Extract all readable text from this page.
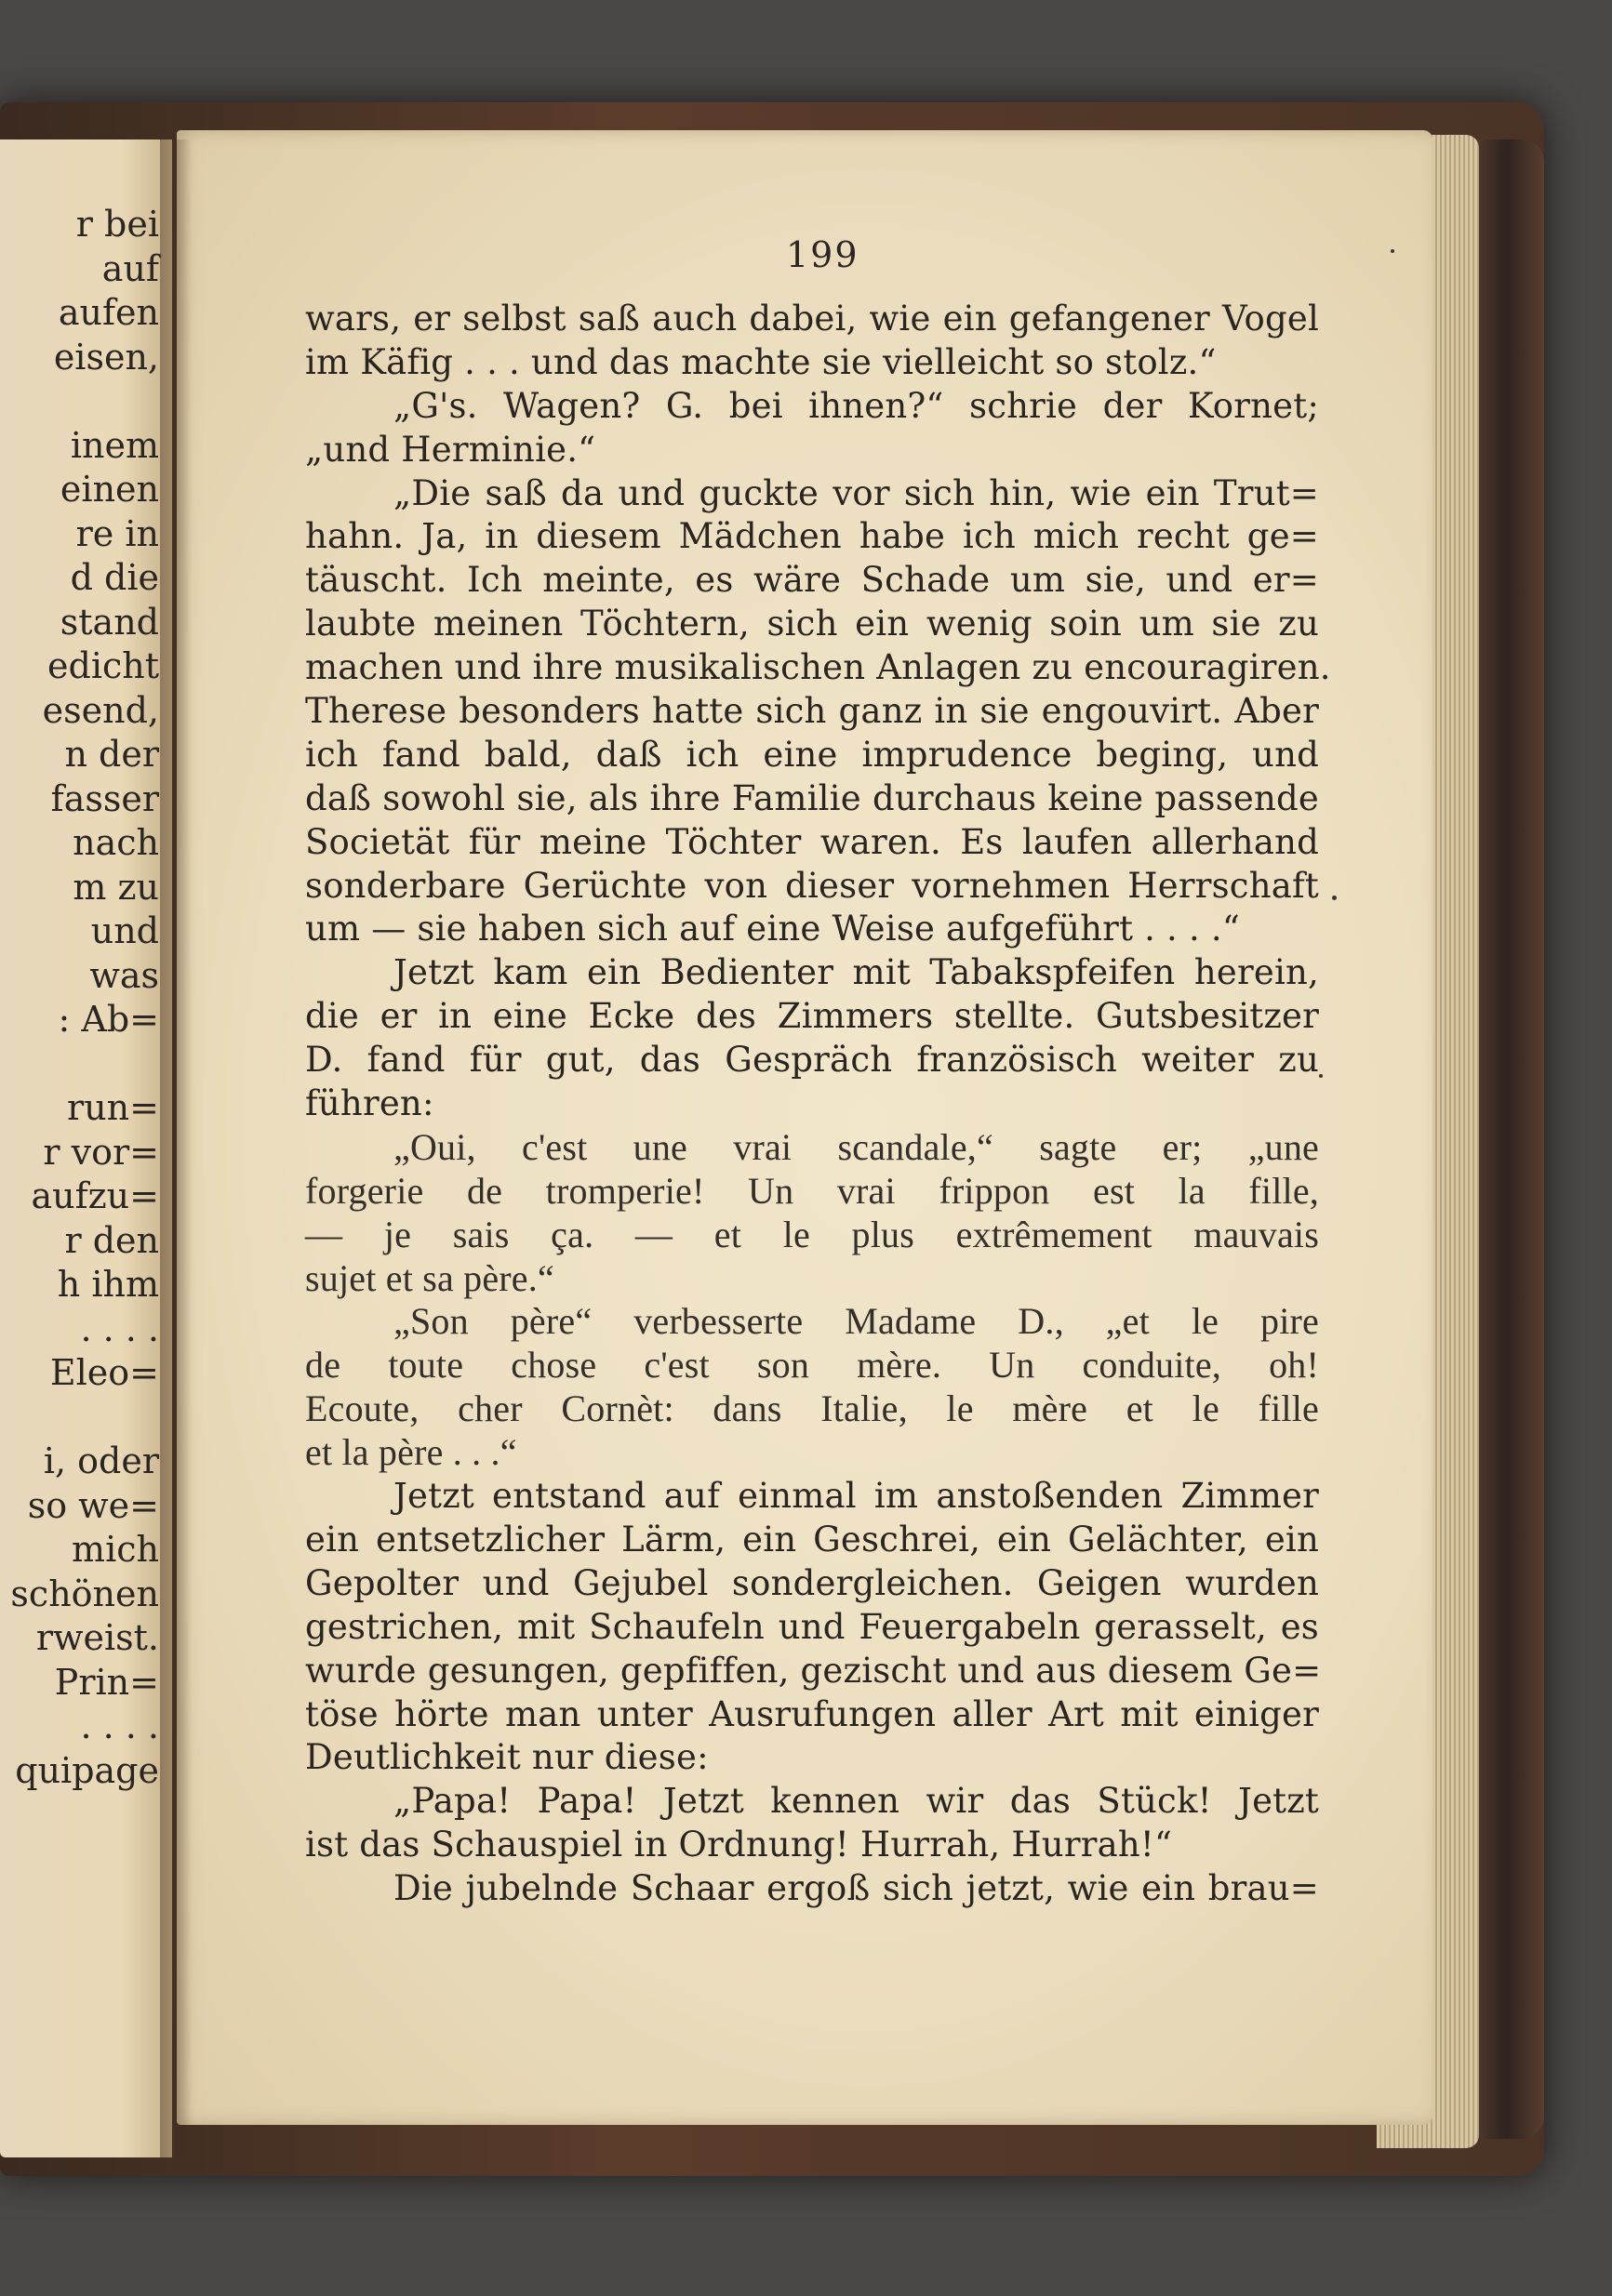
r bei
auf
aufen
eisen,
inem
einen
re in
d die
stand
edicht
esend,
n der
fasser
nach
m zu
und
was
: Ab=
run=
r vor=
aufzu=
r den
h ihm
. . . .
Eleo=
i, oder
so we=
mich
schönen
rweist.
Prin=
. . . .
quipage
199
wars, er selbst saß auch dabei, wie ein gefangener Vogel
im Käfig . . . und das machte sie vielleicht so stolz.“
„G's. Wagen? G. bei ihnen?“ schrie der Kornet;
„und Herminie.“
„Die saß da und guckte vor sich hin, wie ein Trut=
hahn. Ja, in diesem Mädchen habe ich mich recht ge=
täuscht. Ich meinte, es wäre Schade um sie, und er=
laubte meinen Töchtern, sich ein wenig soin um sie zu
machen und ihre musikalischen Anlagen zu encouragiren.
Therese besonders hatte sich ganz in sie engouvirt. Aber
ich fand bald, daß ich eine imprudence beging, und
daß sowohl sie, als ihre Familie durchaus keine passende
Societät für meine Töchter waren. Es laufen allerhand
sonderbare Gerüchte von dieser vornehmen Herrschaft
um — sie haben sich auf eine Weise aufgeführt . . . .“
Jetzt kam ein Bedienter mit Tabakspfeifen herein,
die er in eine Ecke des Zimmers stellte. Gutsbesitzer
D. fand für gut, das Gespräch französisch weiter zu
führen:
„Oui, c'est une vrai scandale,“ sagte er; „une
forgerie de tromperie! Un vrai frippon est la fille,
— je sais ça. — et le plus extrêmement mauvais
sujet et sa père.“
„Son père“ verbesserte Madame D., „et le pire
de toute chose c'est son mère. Un conduite, oh!
Ecoute, cher Cornèt: dans Italie, le mère et le fille
et la père . . .“
Jetzt entstand auf einmal im anstoßenden Zimmer
ein entsetzlicher Lärm, ein Geschrei, ein Gelächter, ein
Gepolter und Gejubel sondergleichen. Geigen wurden
gestrichen, mit Schaufeln und Feuergabeln gerasselt, es
wurde gesungen, gepfiffen, gezischt und aus diesem Ge=
töse hörte man unter Ausrufungen aller Art mit einiger
Deutlichkeit nur diese:
„Papa! Papa! Jetzt kennen wir das Stück! Jetzt
ist das Schauspiel in Ordnung! Hurrah, Hurrah!“
Die jubelnde Schaar ergoß sich jetzt, wie ein brau=
